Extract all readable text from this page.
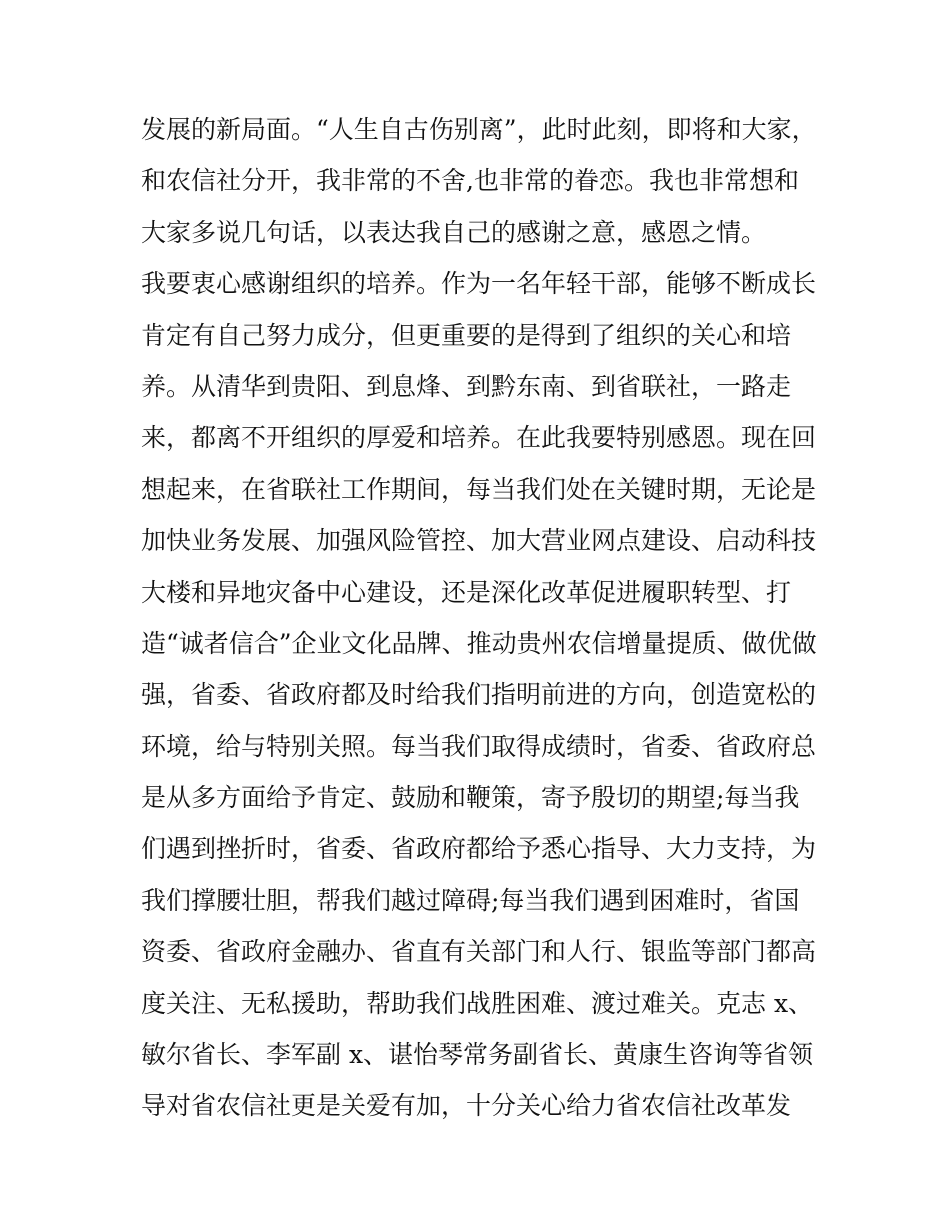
发展的新局面。“人生自古伤别离”，此时此刻，即将和大家，
和农信社分开，我非常的不舍,也非常的眷恋。我也非常想和
大家多说几句话，以表达我自己的感谢之意，感恩之情。
我要衷心感谢组织的培养。作为一名年轻干部，能够不断成长
肯定有自己努力成分，但更重要的是得到了组织的关心和培
养。从清华到贵阳、到息烽、到黔东南、到省联社，一路走
来，都离不开组织的厚爱和培养。在此我要特别感恩。现在回
想起来，在省联社工作期间，每当我们处在关键时期，无论是
加快业务发展、加强风险管控、加大营业网点建设、启动科技
大楼和异地灾备中心建设，还是深化改革促进履职转型、打
造“诚者信合”企业文化品牌、推动贵州农信增量提质、做优做
强，省委、省政府都及时给我们指明前进的方向，创造宽松的
环境，给与特别关照。每当我们取得成绩时，省委、省政府总
是从多方面给予肯定、鼓励和鞭策，寄予殷切的期望;每当我
们遇到挫折时，省委、省政府都给予悉心指导、大力支持，为
我们撑腰壮胆，帮我们越过障碍;每当我们遇到困难时，省国
资委、省政府金融办、省直有关部门和人行、银监等部门都高
度关注、无私援助，帮助我们战胜困难、渡过难关。克志 x、
敏尔省长、李军副 x、谌怡琴常务副省长、黄康生咨询等省领
导对省农信社更是关爱有加，十分关心给力省农信社改革发
